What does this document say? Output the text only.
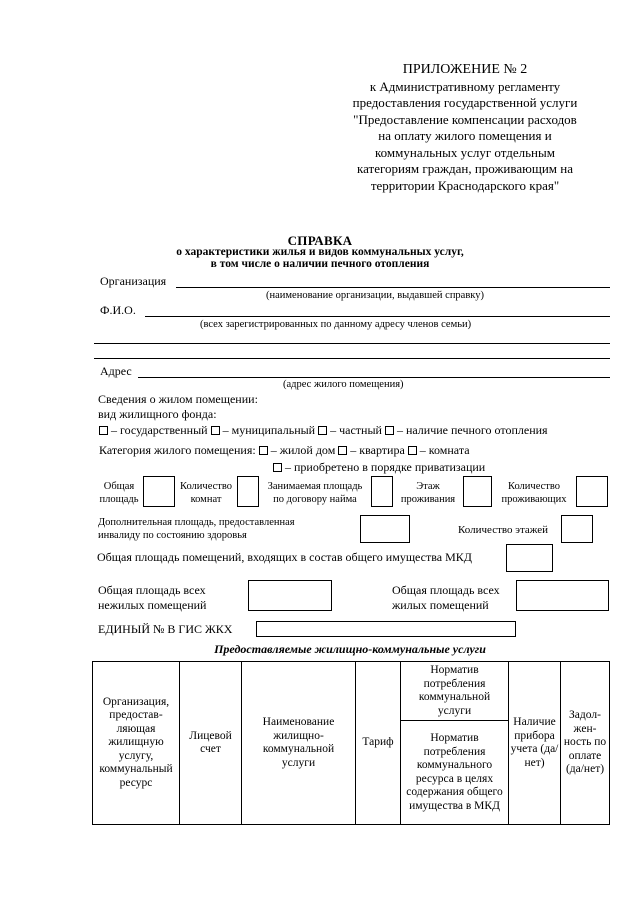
ПРИЛОЖЕНИЕ № 2
к Административному регламенту
предоставления государственной услуги
"Предоставление компенсации расходов
на оплату жилого помещения и
коммунальных услуг отдельным
категориям граждан, проживающим на
территории Краснодарского края"
СПРАВКА
о характеристики жилья и видов коммунальных услуг,
в том числе о наличии печного отопления
Организация
(наименование организации, выдавшей справку)
Ф.И.О.
(всех зарегистрированных по данному адресу членов семьи)
Адрес
(адрес жилого помещения)
Сведения о жилом помещении:
вид жилищного фонда:
– государственный – муниципальный – частный – наличие печного отопления
Категория жилого помещения: – жилой дом – квартира – комната
– приобретено в порядке приватизации
Общая
площадь
Количество
комнат
Занимаемая площадь
по договору найма
Этаж
проживания
Количество
проживающих
Дополнительная площадь, предоставленная
инвалиду по состоянию здоровья	Количество этажей
Общая площадь помещений, входящих в состав общего имущества МКД
Общая площадь всех
нежилых помещений
Общая площадь всех
жилых помещений
ЕДИНЫЙ № В ГИС ЖКХ
Предоставляемые жилищно-коммунальные услуги
Организация, предостав-ляющая жилищную услугу, коммунальный ресурс	Лицевой счет	Наименование жилищно-коммунальной услуги	Тариф	Норматив потребления коммунальной услуги	Наличие прибора учета (да/нет)	Задол-жен-ность по оплате (да/нет)
Норматив потребления коммунального ресурса в целях содержания общего имущества в МКД
